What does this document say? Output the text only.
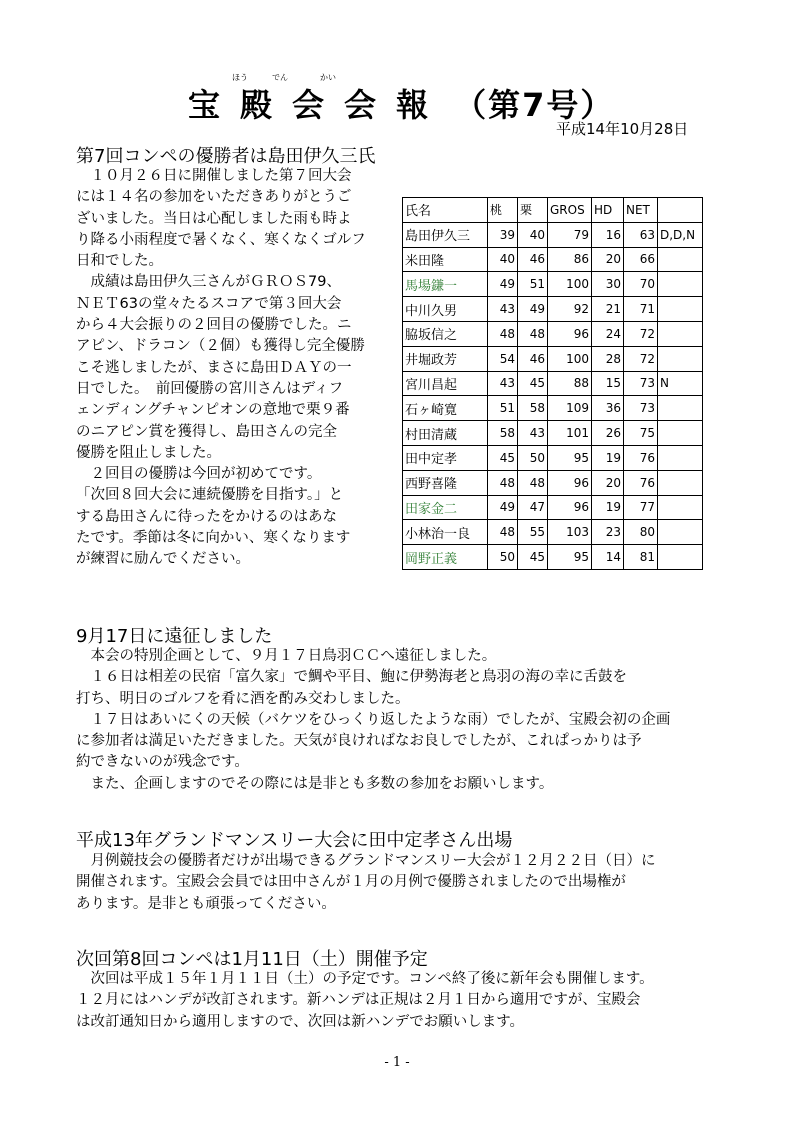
ほう	でん	かい
宝 殿 会 会 報 （第7号）
平成14年10月28日
第7回コンペの優勝者は島田伊久三氏

　１０月２６日に開催しました第７回大会

には１４名の参加をいただきありがとうご

ざいました。当日は心配しました雨も時よ

り降る小雨程度で暑くなく、寒くなくゴルフ

日和でした。

　成績は島田伊久三さんがＧＲＯＳ79、

ＮＥＴ63の堂々たるスコアで第３回大会

から４大会振りの２回目の優勝でした。ニ

アピン、ドラコン（２個）も獲得し完全優勝

こそ逃しましたが、まさに島田ＤＡＹの一

日でした。　前回優勝の宮川さんはディフ

ェンディングチャンピオンの意地で栗９番

のニアピン賞を獲得し、島田さんの完全

優勝を阻止しました。

　２回目の優勝は今回が初めてです。

「次回８回大会に連続優勝を目指す。」と

する島田さんに待ったをかけるのはあな

たです。季節は冬に向かい、寒くなります

が練習に励んでください。

氏名	桃	栗	GROS	HD	NET	
島田伊久三	39	40	79	16	63	D,D,N
米田隆	40	46	86	20	66	
馬場鎌一	49	51	100	30	70	
中川久男	43	49	92	21	71	
脇坂信之	48	48	96	24	72	
井堀政芳	54	46	100	28	72	
宮川昌起	43	45	88	15	73	N
石ヶ崎寛	51	58	109	36	73	
村田清蔵	58	43	101	26	75	
田中定孝	45	50	95	19	76	
西野喜隆	48	48	96	20	76	
田家金二	49	47	96	19	77	
小林治一良	48	55	103	23	80	
岡野正義	50	45	95	14	81	
9月17日に遠征しました

　本会の特別企画として、９月１７日鳥羽ＣＣへ遠征しました。

　１６日は相差の民宿「富久家」で鯛や平目、鮑に伊勢海老と鳥羽の海の幸に舌鼓を

打ち、明日のゴルフを肴に酒を酌み交わしました。

　１７日はあいにくの天候（バケツをひっくり返したような雨）でしたが、宝殿会初の企画

に参加者は満足いただきました。天気が良ければなお良しでしたが、これぱっかりは予

約できないのが残念です。

　また、企画しますのでその際には是非とも多数の参加をお願いします。

平成13年グランドマンスリー大会に田中定孝さん出場

　月例競技会の優勝者だけが出場できるグランドマンスリー大会が１２月２２日（日）に

開催されます。宝殿会会員では田中さんが１月の月例で優勝されましたので出場権が

あります。是非とも頑張ってください。

次回第8回コンペは1月11日（土）開催予定

　次回は平成１５年１月１１日（土）の予定です。コンペ終了後に新年会も開催します。

１２月にはハンデが改訂されます。新ハンデは正規は２月１日から適用ですが、宝殿会

は改訂通知日から適用しますので、次回は新ハンデでお願いします。

- 1 -
